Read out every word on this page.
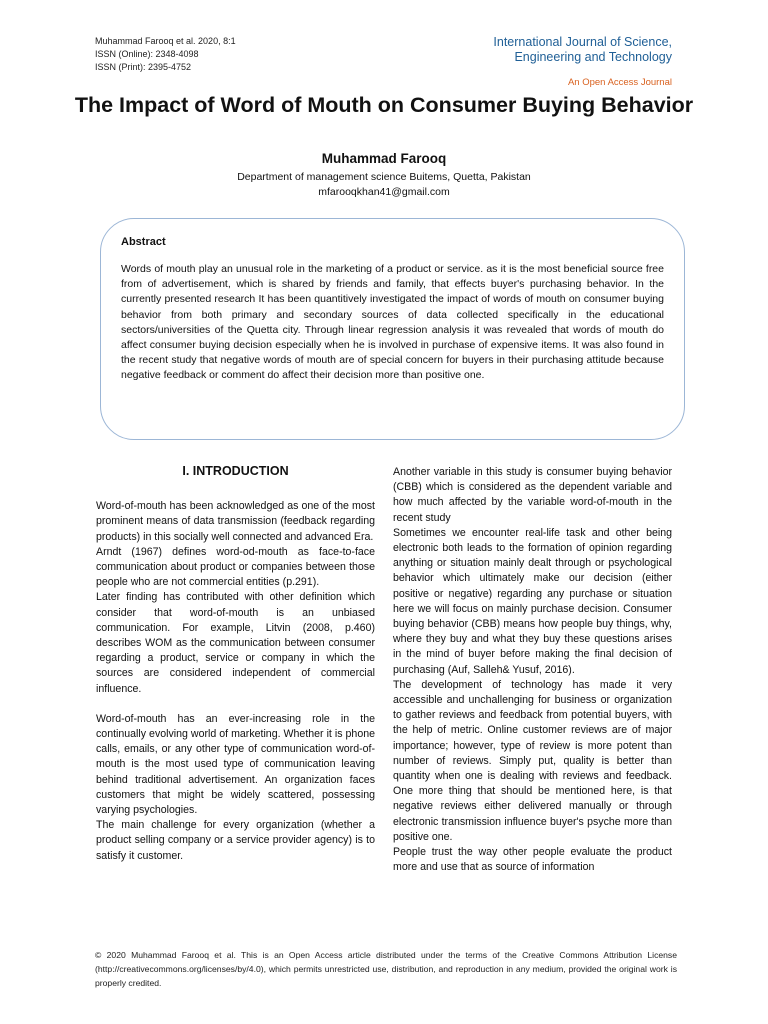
Muhammad Farooq et al. 2020, 8:1
ISSN (Online): 2348-4098
ISSN (Print): 2395-4752
International Journal of Science,
Engineering and Technology
An Open Access Journal
The Impact of Word of Mouth on Consumer Buying Behavior
Muhammad Farooq
Department of management science Buitems, Quetta, Pakistan
mfarooqkhan41@gmail.com
Abstract

Words of mouth play an unusual role in the marketing of a product or service. as it is the most beneficial source free from of advertisement, which is shared by friends and family, that effects buyer's purchasing behavior. In the currently presented research It has been quantitively investigated the impact of words of mouth on consumer buying behavior from both primary and secondary sources of data collected specifically in the educational sectors/universities of the Quetta city. Through linear regression analysis it was revealed that words of mouth do affect consumer buying decision especially when he is involved in purchase of expensive items. It was also found in the recent study that negative words of mouth are of special concern for buyers in their purchasing attitude because negative feedback or comment do affect their decision more than positive one.

I. INTRODUCTION

Word-of-mouth has been acknowledged as one of the most prominent means of data transmission (feedback regarding products) in this socially well connected and advanced Era.

Arndt (1967) defines word-od-mouth as face-to-face communication about product or companies between those people who are not commercial entities (p.291).

Later finding has contributed with other definition which consider that word-of-mouth is an unbiased communication. For example, Litvin (2008, p.460) describes WOM as the communication between consumer regarding a product, service or company in which the sources are considered independent of commercial influence.

Word-of-mouth has an ever-increasing role in the continually evolving world of marketing. Whether it is phone calls, emails, or any other type of communication word-of-mouth is the most used type of communication leaving behind traditional advertisement. An organization faces customers that might be widely scattered, possessing varying psychologies.

The main challenge for every organization (whether a product selling company or a service provider agency) is to satisfy it customer.

Another variable in this study is consumer buying behavior (CBB) which is considered as the dependent variable and how much affected by the variable word-of-mouth in the recent study

Sometimes we encounter real-life task and other being electronic both leads to the formation of opinion regarding anything or situation mainly dealt through or psychological behavior which ultimately make our decision (either positive or negative) regarding any purchase or situation here we will focus on mainly purchase decision. Consumer buying behavior (CBB) means how people buy things, why, where they buy and what they buy these questions arises in the mind of buyer before making the final decision of purchasing (Auf, Salleh& Yusuf, 2016).

The development of technology has made it very accessible and unchallenging for business or organization to gather reviews and feedback from potential buyers, with the help of metric. Online customer reviews are of major importance; however, type of review is more potent than number of reviews. Simply put, quality is better than quantity when one is dealing with reviews and feedback. One more thing that should be mentioned here, is that negative reviews either delivered manually or through electronic transmission influence buyer's psyche more than positive one.

People trust the way other people evaluate the product more and use that as source of information

© 2020 Muhammad Farooq et al. This is an Open Access article distributed under the terms of the Creative Commons Attribution License (http://creativecommons.org/licenses/by/4.0), which permits unrestricted use, distribution, and reproduction in any medium, provided the original work is properly credited.
